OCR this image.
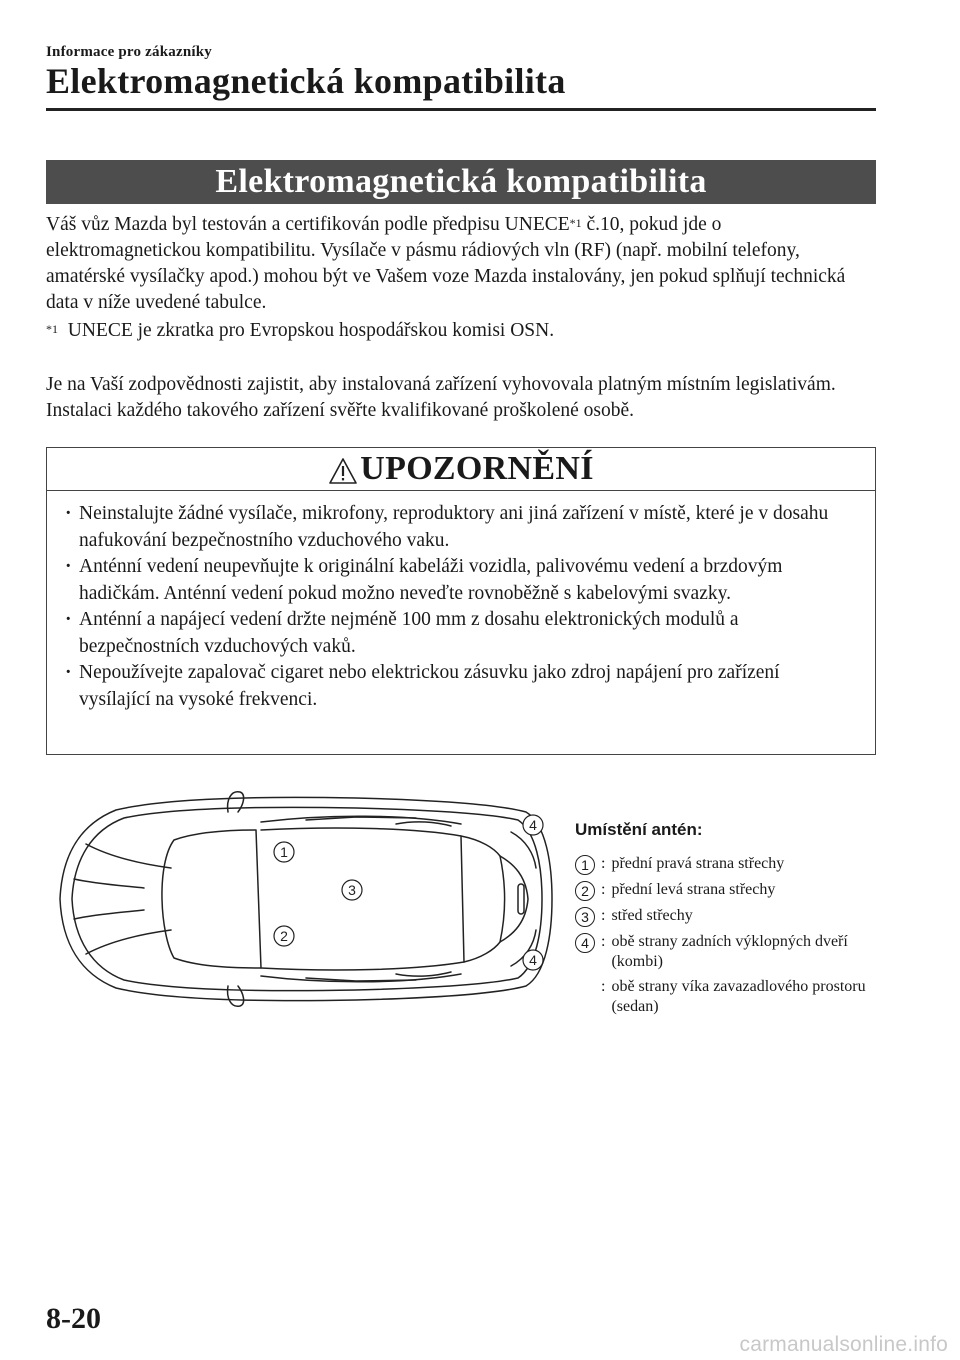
Informace pro zákazníky
Elektromagnetická kompatibilita
Elektromagnetická kompatibilita

Váš vůz Mazda byl testován a certifikován podle předpisu UNECE$^{*1}$ č.10, pokud jde o elektromagnetickou kompatibilitu. Vysílače v pásmu rádiových vln (RF) (např. mobilní telefony, amatérské vysílačky apod.) mohou být ve Vašem voze Mazda instalovány, jen pokud splňují technická data v níže uvedené tabulce.

$^{*1}$ UNECE je zkratka pro Evropskou hospodářskou komisi OSN.

Je na Vaší zodpovědnosti zajistit, aby instalovaná zařízení vyhovovala platným místním legislativám. Instalaci každého takového zařízení svěřte kvalifikované proškolené osobě.

UPOZORNĚNÍ
· Neinstalujte žádné vysílače, mikrofony, reproduktory ani jiná zařízení v místě, které je v dosahu nafukování bezpečnostního vzduchového vaku.
· Anténní vedení neupevňujte k originální kabeláži vozidla, palivovému vedení a brzdovým hadičkám. Anténní vedení pokud možno neveďte rovnoběžně s kabelovými svazky.
· Anténní a napájecí vedení držte nejméně 100 mm z dosahu elektronických modulů a bezpečnostních vzduchových vaků.
· Nepoužívejte zapalovač cigaret nebo elektrickou zásuvku jako zdroj napájení pro zařízení vysílající na vysoké frekvenci.
1
2
3
4
4
Umístění antén:
1 : přední pravá strana střechy
2 : přední levá strana střechy
3 : střed střechy
4 : obě strany zadních výklopných dveří (kombi)
: obě strany víka zavazadlového prostoru (sedan)
8-20
carmanualsonline.info
